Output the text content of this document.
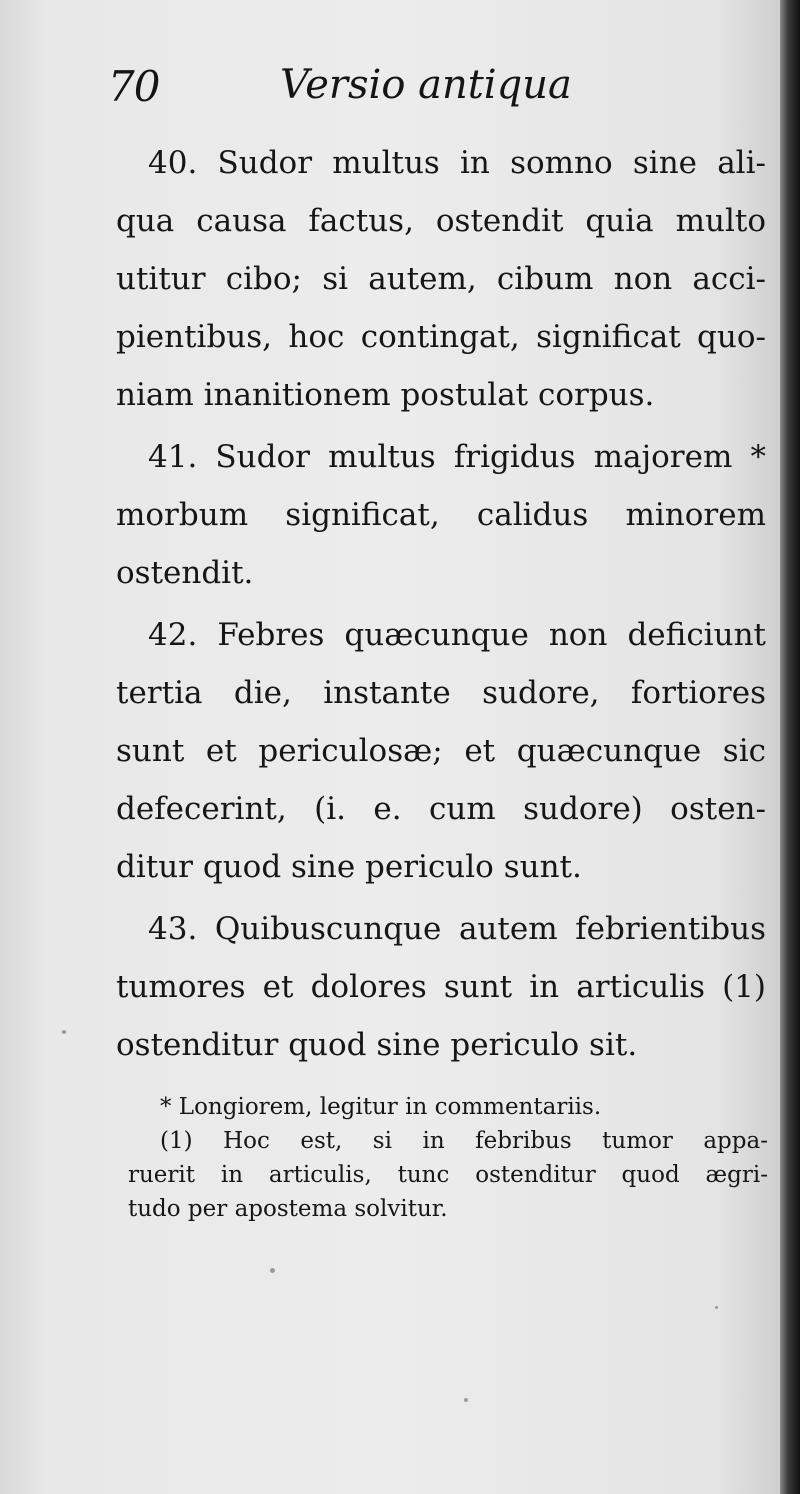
70	Versio antiqua
40. Sudor multus in somno sine ali-
qua causa factus, ostendit quia multo
utitur cibo; si autem, cibum non acci-
pientibus, hoc contingat, significat quo-
niam inanitionem postulat corpus.
41. Sudor multus frigidus majorem *
morbum significat, calidus minorem
ostendit.
42. Febres quæcunque non deficiunt
tertia die, instante sudore, fortiores
sunt et periculosæ; et quæcunque sic
defecerint, (i. e. cum sudore) osten-
ditur quod sine periculo sunt.
43. Quibuscunque autem febrientibus
tumores et dolores sunt in articulis (1)
ostenditur quod sine periculo sit.
* Longiorem, legitur in commentariis.
(1) Hoc est, si in febribus tumor appa-
ruerit in articulis, tunc ostenditur quod ægri-
tudo per apostema solvitur.
